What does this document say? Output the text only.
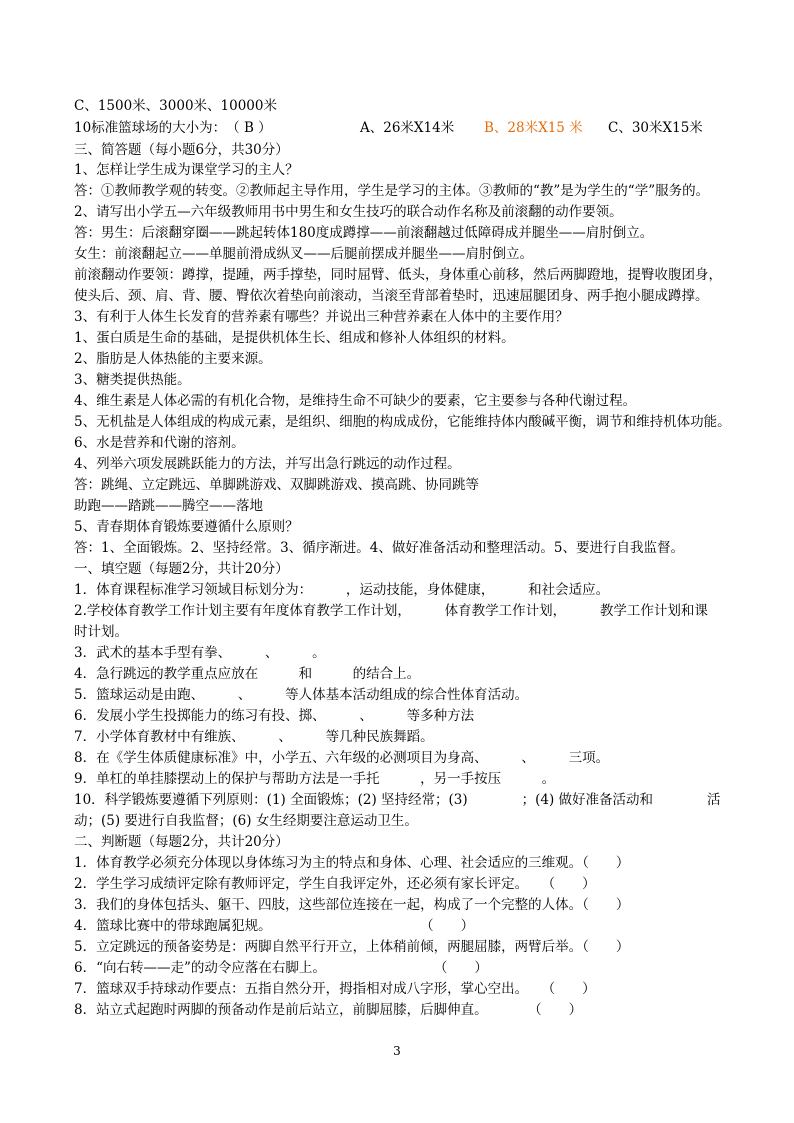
C、1500米、3000米、10000米
10标准篮球场的大小为：　（ B ）	A、26米X14米 B、28米X15 米 C、30米X15米
三、简答题（每小题6分，共30分）
1、怎样让学生成为课堂学习的主人？
答：①教师教学观的转变。②教师起主导作用，学生是学习的主体。③教师的“教”是为学生的“学”服务的。
2、请写出小学五—六年级教师用书中男生和女生技巧的联合动作名称及前滚翻的动作要领。
答：男生：后滚翻穿圈——跳起转体180度成蹲撑——前滚翻越过低障碍成并腿坐——肩肘倒立。
女生：前滚翻起立——单腿前滑成纵叉——后腿前摆成并腿坐——肩肘倒立。
前滚翻动作要领：蹲撑，提踵，两手撑垫，同时屈臂、低头，身体重心前移，然后两脚蹬地，提臀收腹团身，
使头后、颈、肩、背、腰、臀依次着垫向前滚动，当滚至背部着垫时，迅速屈腿团身、两手抱小腿成蹲撑。
3、有利于人体生长发育的营养素有哪些？并说出三种营养素在人体中的主要作用？
1、蛋白质是生命的基础，是提供机体生长、组成和修补人体组织的材料。
2、脂肪是人体热能的主要来源。
3、糖类提供热能。
4、维生素是人体必需的有机化合物，是维持生命不可缺少的要素，它主要参与各种代谢过程。
5、无机盐是人体组成的构成元素，是组织、细胞的构成成份，它能维持体内酸碱平衡，调节和维持机体功能。
6、水是营养和代谢的溶剂。
4、列举六项发展跳跃能力的方法，并写出急行跳远的动作过程。
答：跳绳、立定跳远、单脚跳游戏、双脚跳游戏、摸高跳、协同跳等
助跑——踏跳——腾空——落地
5、青春期体育锻炼要遵循什么原则？
答：1、全面锻炼。2、坚持经常。3、循序渐进。4、做好准备活动和整理活动。5、要进行自我监督。
一、填空题（每题2分，共计20分）
1．体育课程标准学习领域目标划分为：　　　，运动技能，身体健康，　　　和社会适应。
2.学校体育教学工作计划主要有年度体育教学工作计划，　　　体育教学工作计划，　　　教学工作计划和课
时计划。
3．武术的基本手型有拳、　　　、　　　。
4．急行跳远的教学重点应放在　　　和　　　的结合上。
5．篮球运动是由跑、　　　、　　　等人体基本活动组成的综合性体育活动。
6．发展小学生投掷能力的练习有投、掷、　　　、　　　等多种方法
7．小学体育教材中有维族、　　　、　　　等几种民族舞蹈。
8．在《学生体质健康标准》中，小学五、六年级的必测项目为身高、　　　、　　　三项。
9．单杠的单挂膝摆动上的保护与帮助方法是一手托　　　，另一手按压　　　。
10．科学锻炼要遵循下列原则：(1) 全面锻炼；(2) 坚持经常；(3)　　　　；(4) 做好准备活动和　　　　活
动；(5) 要进行自我监督；(6) 女生经期要注意运动卫生。
二、判断题（每题2分，共计20分）
1．体育教学必须充分体现以身体练习为主的特点和身体、心理、社会适应的三维观。（　　）
2．学生学习成绩评定除有教师评定，学生自我评定外，还必须有家长评定。　　（　　）
3．我们的身体包括头、躯干、四肢，这些部位连接在一起，构成了一个完整的人体。（　　）
4．篮球比赛中的带球跑属犯规。　　　　　　　　　　　　（　　）
5．立定跳远的预备姿势是：两脚自然平行开立，上体稍前倾，两腿屈膝，两臂后举。（　　）
6．“向右转——走”的动令应落在右脚上。　　　　　　　　　（　　）
7．篮球双手持球动作要点：五指自然分开，拇指相对成八字形，掌心空出。　　（　　）
8．站立式起跑时两脚的预备动作是前后站立，前脚屈膝，后脚伸直。　　　　（　　）
3
